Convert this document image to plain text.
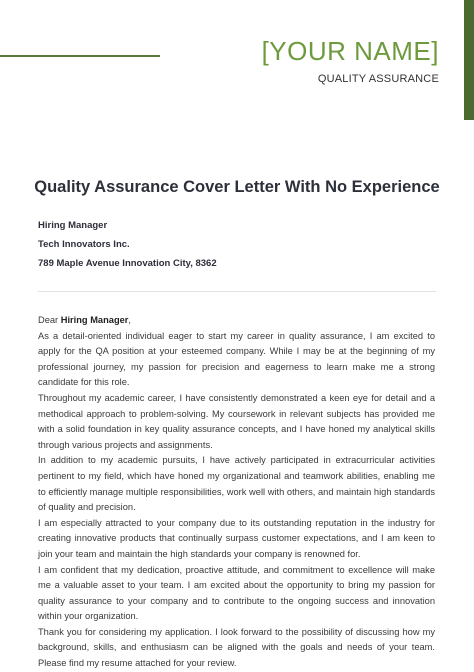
[YOUR NAME]
QUALITY ASSURANCE
Quality Assurance Cover Letter With No Experience
Hiring Manager
Tech Innovators Inc.
789 Maple Avenue Innovation City, 8362

Dear Hiring Manager,

As a detail-oriented individual eager to start my career in quality assurance, I am excited to apply for the QA position at your esteemed company. While I may be at the beginning of my professional journey, my passion for precision and eagerness to learn make me a strong candidate for this role.

Throughout my academic career, I have consistently demonstrated a keen eye for detail and a methodical approach to problem-solving. My coursework in relevant subjects has provided me with a solid foundation in key quality assurance concepts, and I have honed my analytical skills through various projects and assignments.

In addition to my academic pursuits, I have actively participated in extracurricular activities pertinent to my field, which have honed my organizational and teamwork abilities, enabling me to efficiently manage multiple responsibilities, work well with others, and maintain high standards of quality and precision.

I am especially attracted to your company due to its outstanding reputation in the industry for creating innovative products that continually surpass customer expectations, and I am keen to join your team and maintain the high standards your company is renowned for.

I am confident that my dedication, proactive attitude, and commitment to excellence will make me a valuable asset to your team. I am excited about the opportunity to bring my passion for quality assurance to your company and to contribute to the ongoing success and innovation within your organization.

Thank you for considering my application. I look forward to the possibility of discussing how my background, skills, and enthusiasm can be aligned with the goals and needs of your team. Please find my resume attached for your review.
